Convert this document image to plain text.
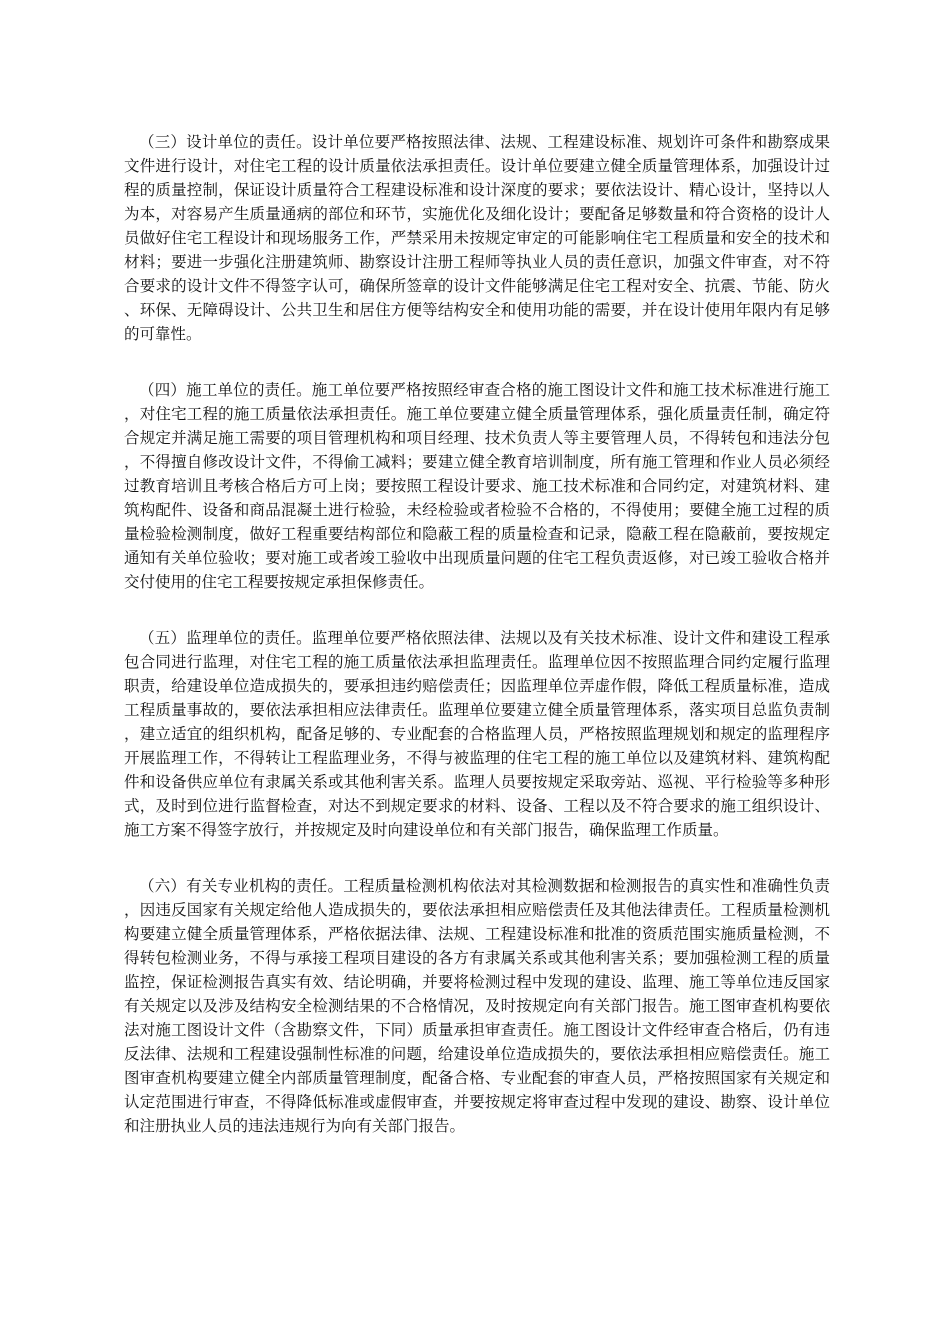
（三）设计单位的责任。设计单位要严格按照法律、法规、工程建设标准、规划许可条件和勘察成果文件进行设计，对住宅工程的设计质量依法承担责任。设计单位要建立健全质量管理体系，加强设计过程的质量控制，保证设计质量符合工程建设标准和设计深度的要求；要依法设计、精心设计，坚持以人为本，对容易产生质量通病的部位和环节，实施优化及细化设计；要配备足够数量和符合资格的设计人员做好住宅工程设计和现场服务工作，严禁采用未按规定审定的可能影响住宅工程质量和安全的技术和材料；要进一步强化注册建筑师、勘察设计注册工程师等执业人员的责任意识，加强文件审查，对不符合要求的设计文件不得签字认可，确保所签章的设计文件能够满足住宅工程对安全、抗震、节能、防火、环保、无障碍设计、公共卫生和居住方便等结构安全和使用功能的需要，并在设计使用年限内有足够的可靠性。

（四）施工单位的责任。施工单位要严格按照经审查合格的施工图设计文件和施工技术标准进行施工，对住宅工程的施工质量依法承担责任。施工单位要建立健全质量管理体系，强化质量责任制，确定符合规定并满足施工需要的项目管理机构和项目经理、技术负责人等主要管理人员，不得转包和违法分包，不得擅自修改设计文件，不得偷工减料；要建立健全教育培训制度，所有施工管理和作业人员必须经过教育培训且考核合格后方可上岗；要按照工程设计要求、施工技术标准和合同约定，对建筑材料、建筑构配件、设备和商品混凝土进行检验，未经检验或者检验不合格的，不得使用；要健全施工过程的质量检验检测制度，做好工程重要结构部位和隐蔽工程的质量检查和记录，隐蔽工程在隐蔽前，要按规定通知有关单位验收；要对施工或者竣工验收中出现质量问题的住宅工程负责返修，对已竣工验收合格并交付使用的住宅工程要按规定承担保修责任。

（五）监理单位的责任。监理单位要严格依照法律、法规以及有关技术标准、设计文件和建设工程承包合同进行监理，对住宅工程的施工质量依法承担监理责任。监理单位因不按照监理合同约定履行监理职责，给建设单位造成损失的，要承担违约赔偿责任；因监理单位弄虚作假，降低工程质量标准，造成工程质量事故的，要依法承担相应法律责任。监理单位要建立健全质量管理体系，落实项目总监负责制，建立适宜的组织机构，配备足够的、专业配套的合格监理人员，严格按照监理规划和规定的监理程序开展监理工作，不得转让工程监理业务，不得与被监理的住宅工程的施工单位以及建筑材料、建筑构配件和设备供应单位有隶属关系或其他利害关系。监理人员要按规定采取旁站、巡视、平行检验等多种形式，及时到位进行监督检查，对达不到规定要求的材料、设备、工程以及不符合要求的施工组织设计、施工方案不得签字放行，并按规定及时向建设单位和有关部门报告，确保监理工作质量。

（六）有关专业机构的责任。工程质量检测机构依法对其检测数据和检测报告的真实性和准确性负责，因违反国家有关规定给他人造成损失的，要依法承担相应赔偿责任及其他法律责任。工程质量检测机构要建立健全质量管理体系，严格依据法律、法规、工程建设标准和批准的资质范围实施质量检测，不得转包检测业务，不得与承接工程项目建设的各方有隶属关系或其他利害关系；要加强检测工程的质量监控，保证检测报告真实有效、结论明确，并要将检测过程中发现的建设、监理、施工等单位违反国家有关规定以及涉及结构安全检测结果的不合格情况，及时按规定向有关部门报告。施工图审查机构要依法对施工图设计文件（含勘察文件，下同）质量承担审查责任。施工图设计文件经审查合格后，仍有违反法律、法规和工程建设强制性标准的问题，给建设单位造成损失的，要依法承担相应赔偿责任。施工图审查机构要建立健全内部质量管理制度，配备合格、专业配套的审查人员，严格按照国家有关规定和认定范围进行审查，不得降低标准或虚假审查，并要按规定将审查过程中发现的建设、勘察、设计单位和注册执业人员的违法违规行为向有关部门报告。
